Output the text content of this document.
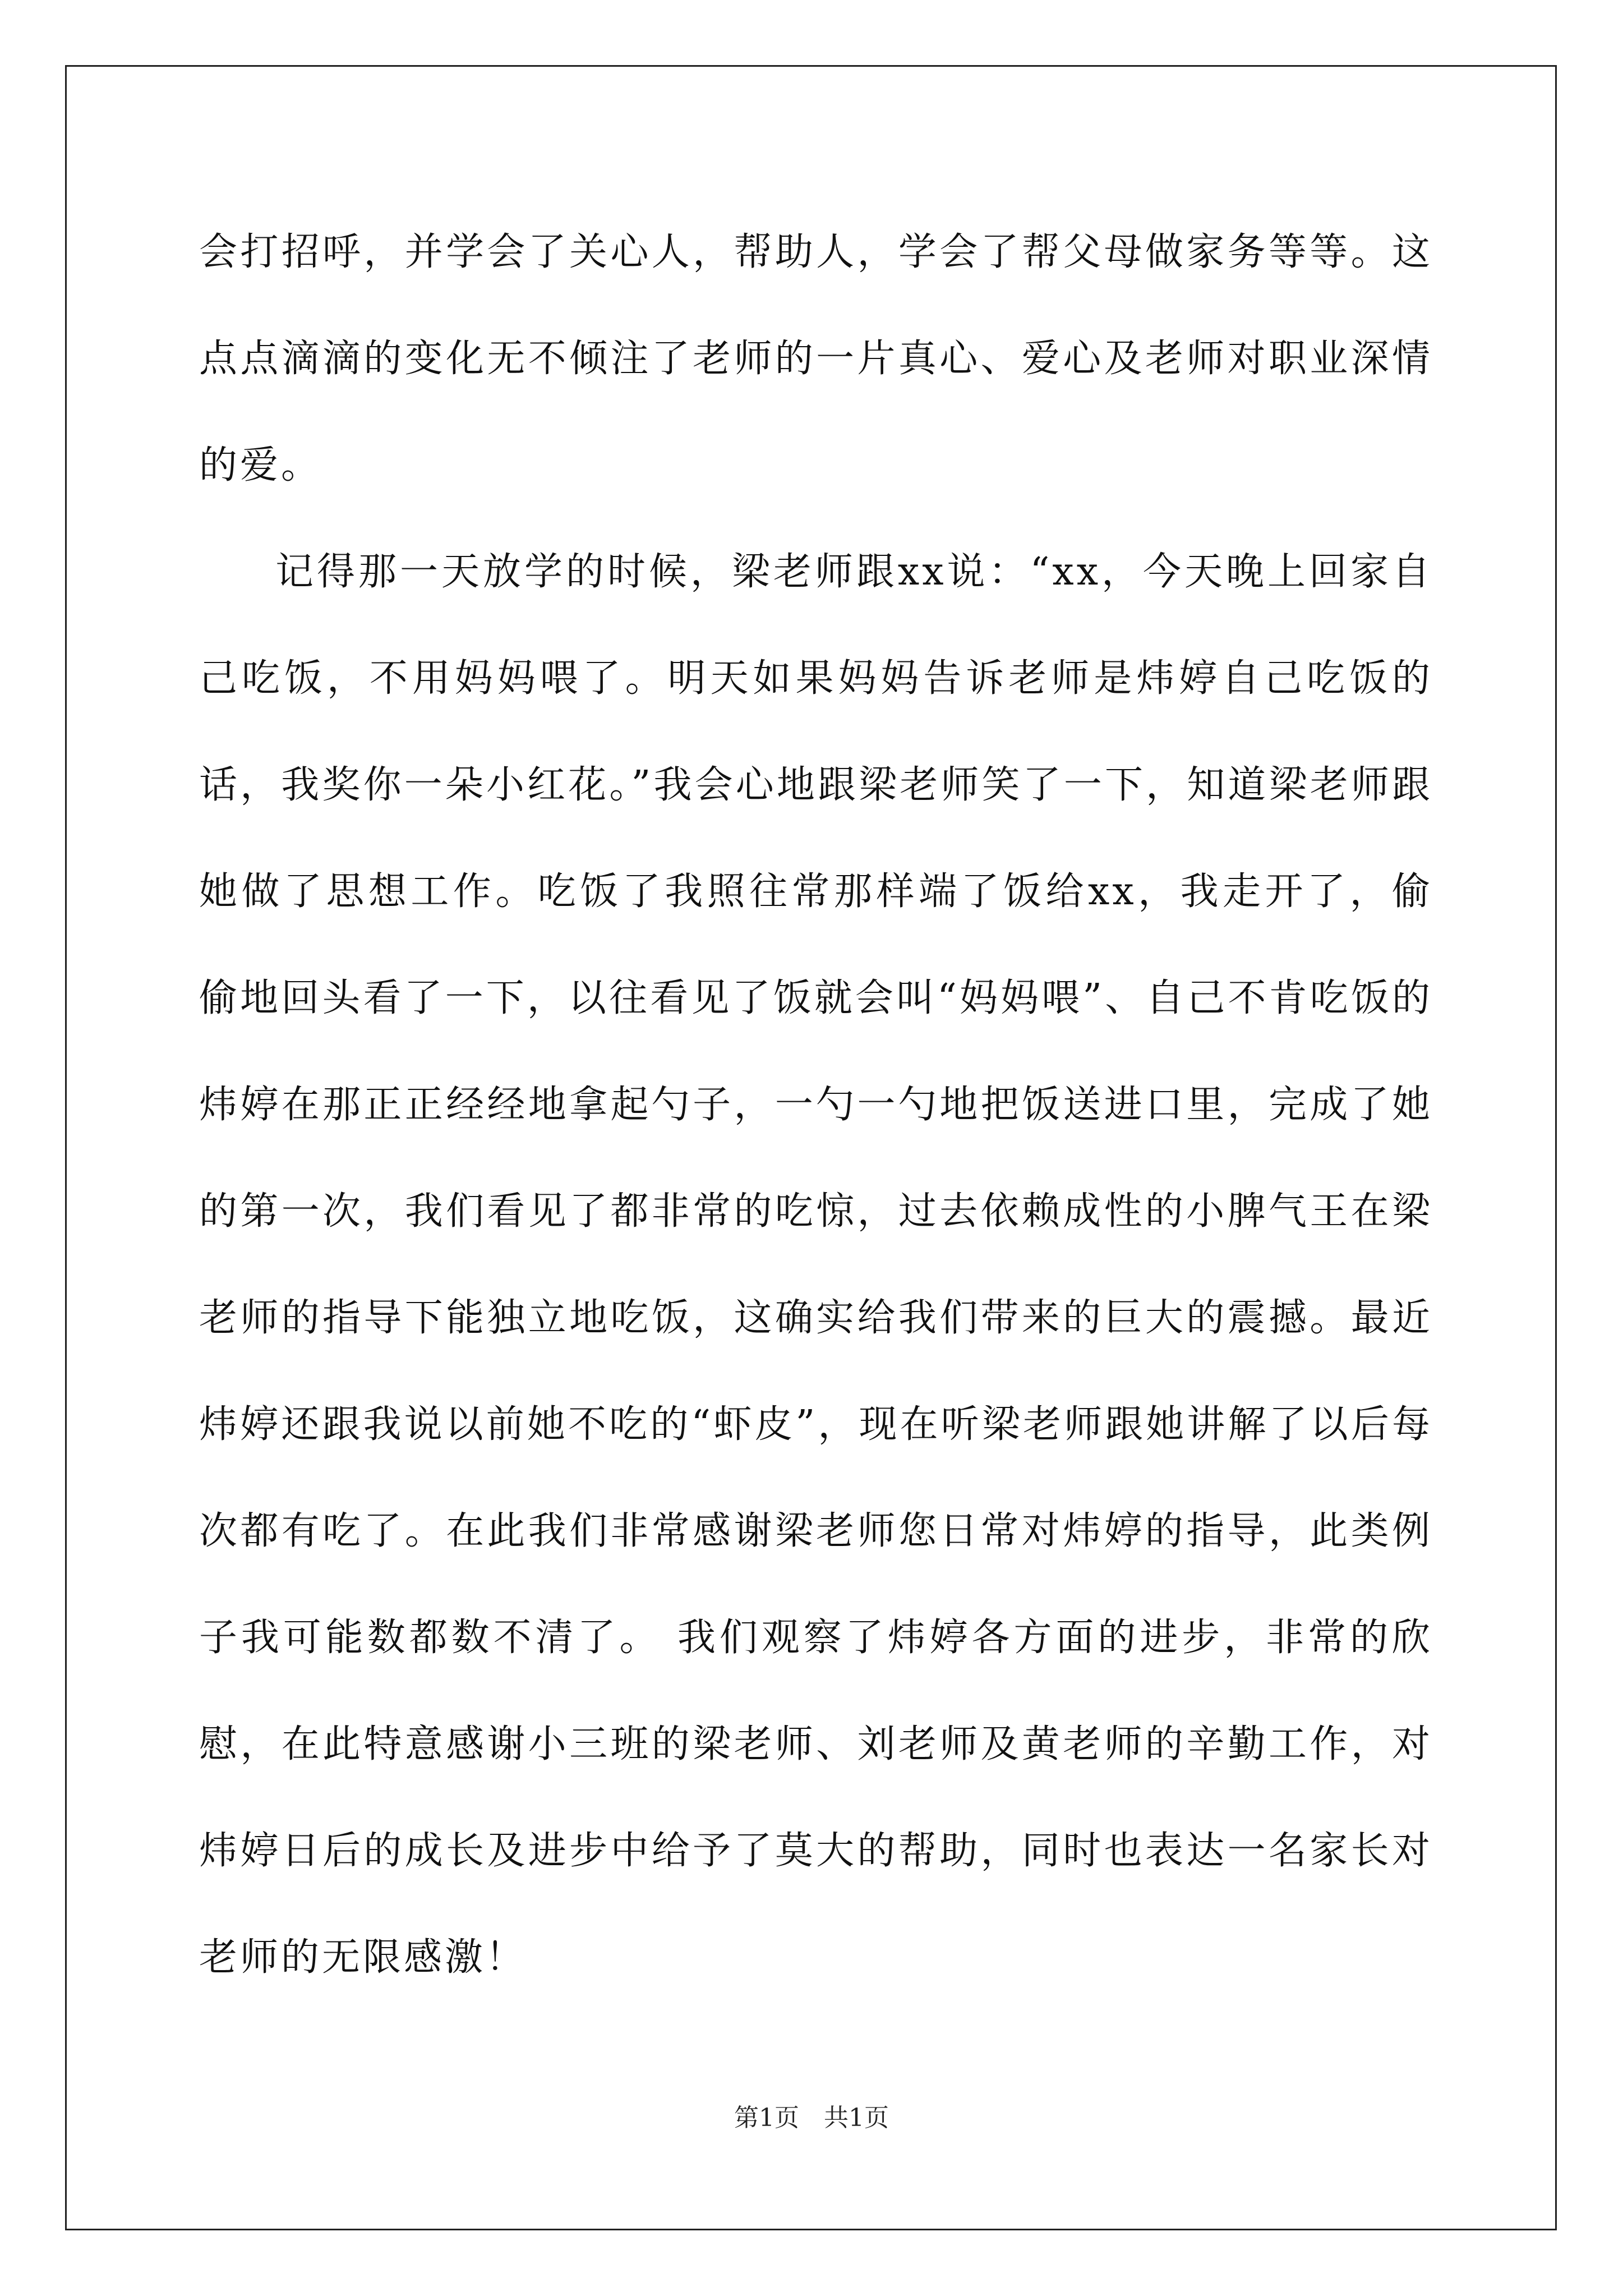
会打招呼，并学会了关心人，帮助人，学会了帮父母做家务等等。这点点滴滴的变化无不倾注了老师的一片真心、爱心及老师对职业深情的爱。

记得那一天放学的时候，梁老师跟xx说：“xx，今天晚上回家自己吃饭，不用妈妈喂了。明天如果妈妈告诉老师是炜婷自己吃饭的话，我奖你一朵小红花。”我会心地跟梁老师笑了一下，知道梁老师跟她做了思想工作。吃饭了我照往常那样端了饭给xx，我走开了，偷偷地回头看了一下，以往看见了饭就会叫“妈妈喂”、自己不肯吃饭的炜婷在那正正经经地拿起勺子，一勺一勺地把饭送进口里，完成了她的第一次，我们看见了都非常的吃惊，过去依赖成性的小脾气王在梁老师的指导下能独立地吃饭，这确实给我们带来的巨大的震撼。最近炜婷还跟我说以前她不吃的“虾皮”，现在听梁老师跟她讲解了以后每次都有吃了。在此我们非常感谢梁老师您日常对炜婷的指导，此类例子我可能数都数不清了。 我们观察了炜婷各方面的进步，非常的欣慰，在此特意感谢小三班的梁老师、刘老师及黄老师的辛勤工作，对炜婷日后的成长及进步中给予了莫大的帮助，同时也表达一名家长对老师的无限感激！

第1页 共1页
